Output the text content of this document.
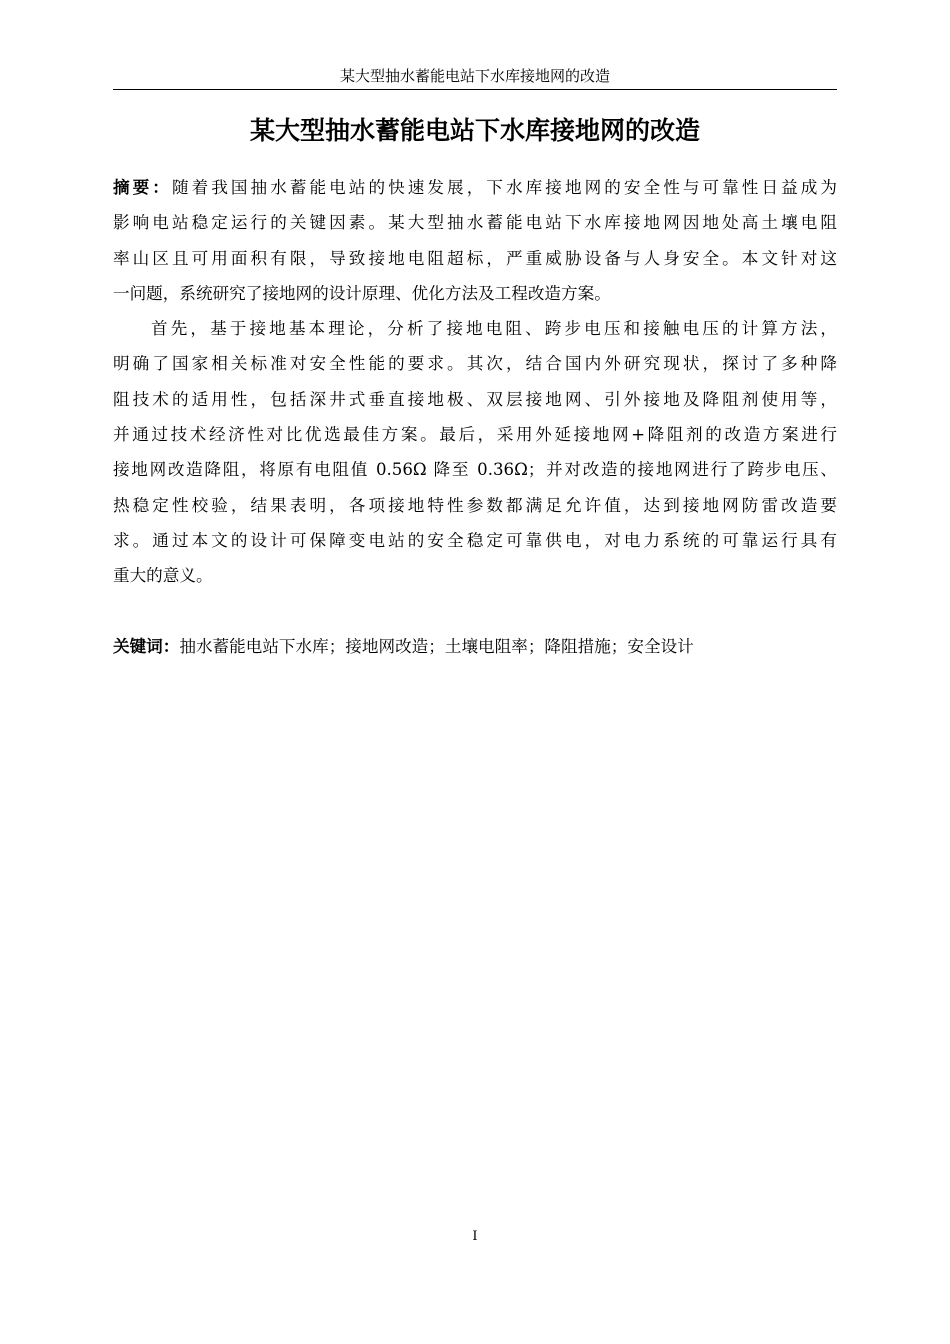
某大型抽水蓄能电站下水库接地网的改造
某大型抽水蓄能电站下水库接地网的改造
摘要：随着我国抽水蓄能电站的快速发展，下水库接地网的安全性与可靠性日益成为
影响电站稳定运行的关键因素。某大型抽水蓄能电站下水库接地网因地处高土壤电阻
率山区且可用面积有限，导致接地电阻超标，严重威胁设备与人身安全。本文针对这
一问题，系统研究了接地网的设计原理、优化方法及工程改造方案。
首先，基于接地基本理论，分析了接地电阻、跨步电压和接触电压的计算方法，
明确了国家相关标准对安全性能的要求。其次，结合国内外研究现状，探讨了多种降
阻技术的适用性，包括深井式垂直接地极、双层接地网、引外接地及降阻剂使用等，
并通过技术经济性对比优选最佳方案。最后，采用外延接地网+降阻剂的改造方案进行
接地网改造降阻，将原有电阻值 0.56Ω 降至 0.36Ω；并对改造的接地网进行了跨步电压、
热稳定性校验，结果表明，各项接地特性参数都满足允许值，达到接地网防雷改造要
求。通过本文的设计可保障变电站的安全稳定可靠供电，对电力系统的可靠运行具有
重大的意义。
关键词：抽水蓄能电站下水库；接地网改造；土壤电阻率；降阻措施；安全设计
I
